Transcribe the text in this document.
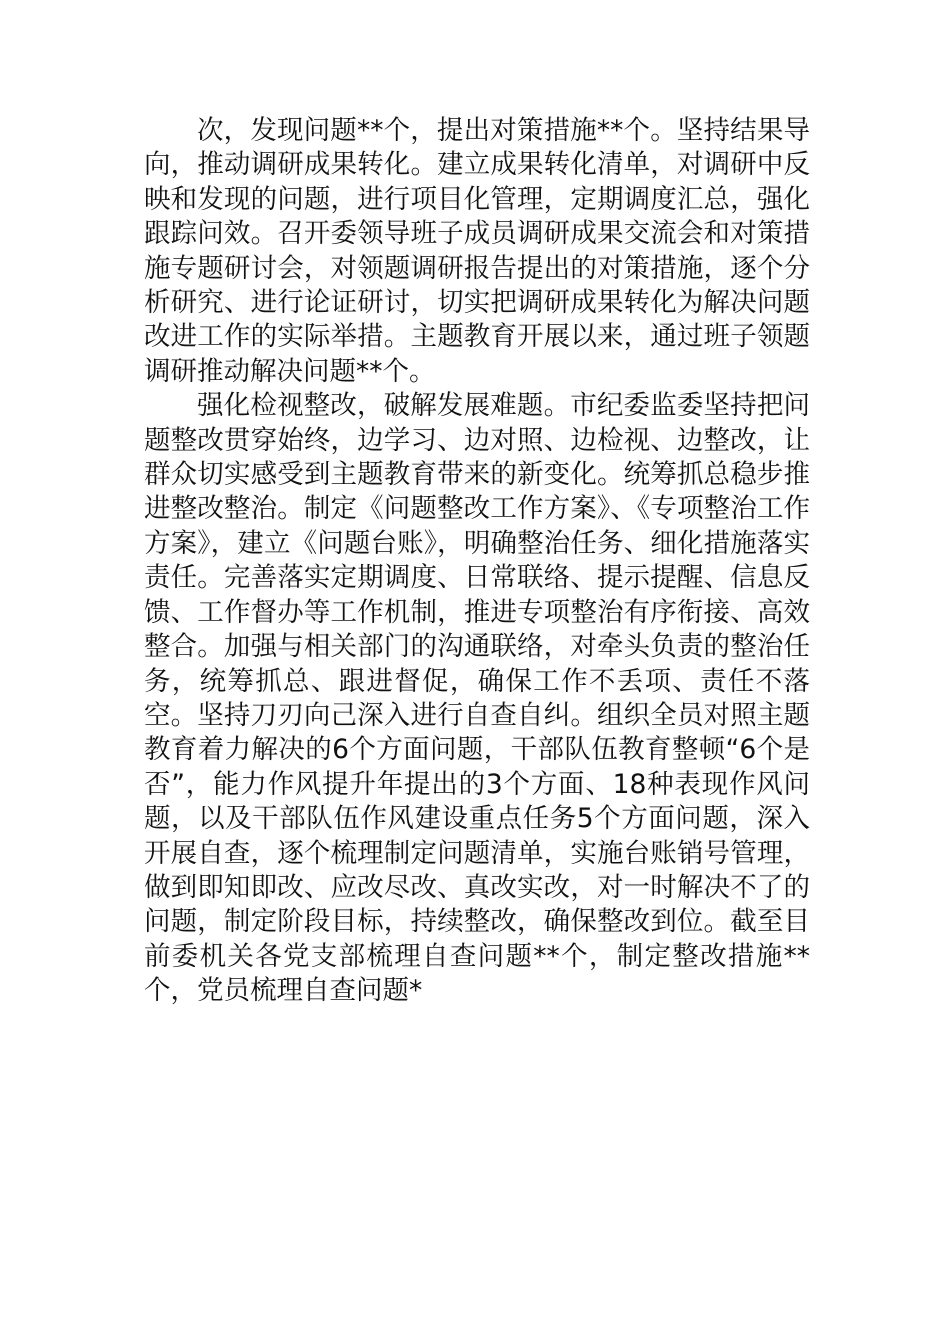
次，发现问题**个，提出对策措施**个。坚持结果导向，推动调研成果转化。建立成果转化清单，对调研中反映和发现的问题，进行项目化管理，定期调度汇总，强化跟踪问效。召开委领导班子成员调研成果交流会和对策措施专题研讨会，对领题调研报告提出的对策措施，逐个分析研究、进行论证研讨，切实把调研成果转化为解决问题改进工作的实际举措。主题教育开展以来，通过班子领题调研推动解决问题**个。

强化检视整改，破解发展难题。市纪委监委坚持把问题整改贯穿始终，边学习、边对照、边检视、边整改，让群众切实感受到主题教育带来的新变化。统筹抓总稳步推进整改整治。制定《问题整改工作方案》、《专项整治工作方案》，建立《问题台账》，明确整治任务、细化措施落实责任。完善落实定期调度、日常联络、提示提醒、信息反馈、工作督办等工作机制，推进专项整治有序衔接、高效整合。加强与相关部门的沟通联络，对牵头负责的整治任务，统筹抓总、跟进督促，确保工作不丢项、责任不落空。坚持刀刃向己深入进行自查自纠。组织全员对照主题教育着力解决的6个方面问题，干部队伍教育整顿“6个是否”，能力作风提升年提出的3个方面、18种表现作风问题，以及干部队伍作风建设重点任务5个方面问题，深入开展自查，逐个梳理制定问题清单，实施台账销号管理，做到即知即改、应改尽改、真改实改，对一时解决不了的问题，制定阶段目标，持续整改，确保整改到位。截至目前委机关各党支部梳理自查问题**个，制定整改措施**个，党员梳理自查问题*
